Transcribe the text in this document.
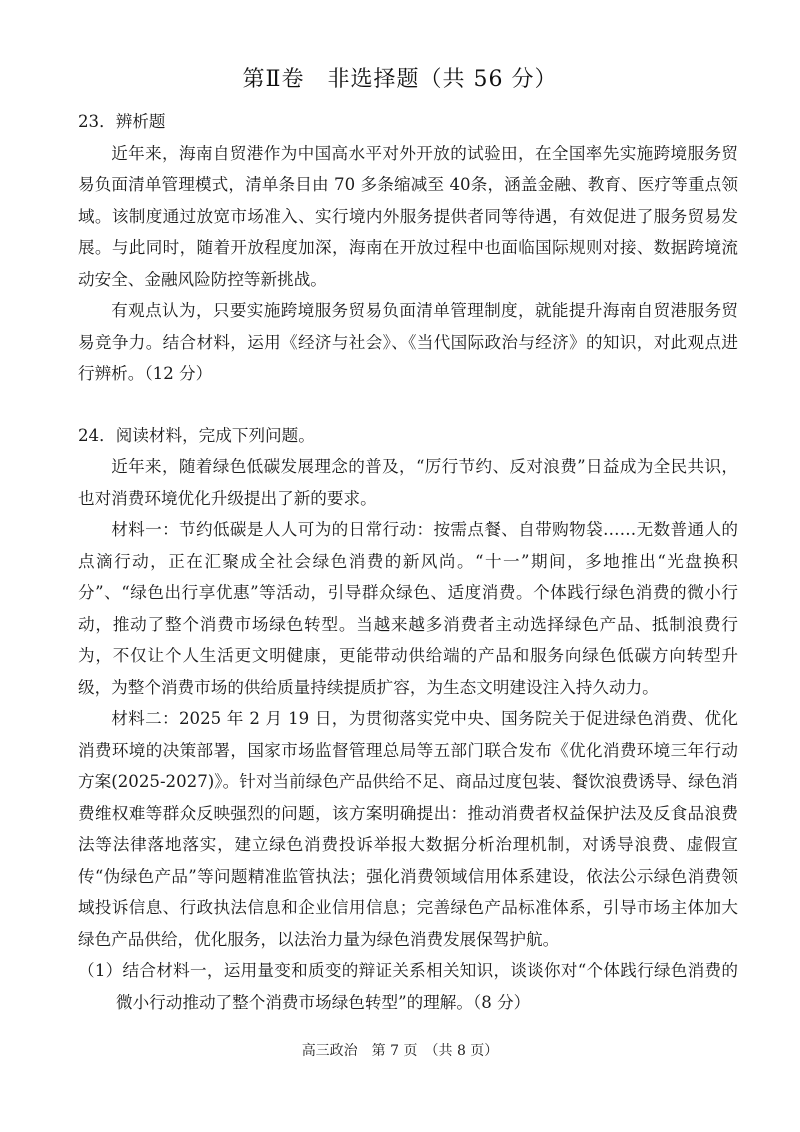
第Ⅱ卷　非选择题（共 56 分）

23．辨析题

近年来，海南自贸港作为中国高水平对外开放的试验田，在全国率先实施跨境服务贸易负面清单管理模式，清单条目由 70 多条缩减至 40条，涵盖金融、教育、医疗等重点领域。该制度通过放宽市场准入、实行境内外服务提供者同等待遇，有效促进了服务贸易发展。与此同时，随着开放程度加深，海南在开放过程中也面临国际规则对接、数据跨境流动安全、金融风险防控等新挑战。

有观点认为，只要实施跨境服务贸易负面清单管理制度，就能提升海南自贸港服务贸易竞争力。结合材料，运用《经济与社会》、《当代国际政治与经济》的知识，对此观点进行辨析。（12 分）

24．阅读材料，完成下列问题。

近年来，随着绿色低碳发展理念的普及，“厉行节约、反对浪费”日益成为全民共识，也对消费环境优化升级提出了新的要求。

材料一：节约低碳是人人可为的日常行动：按需点餐、自带购物袋……无数普通人的点滴行动，正在汇聚成全社会绿色消费的新风尚。“十一”期间，多地推出“光盘换积分”、“绿色出行享优惠”等活动，引导群众绿色、适度消费。个体践行绿色消费的微小行动，推动了整个消费市场绿色转型。当越来越多消费者主动选择绿色产品、抵制浪费行为，不仅让个人生活更文明健康，更能带动供给端的产品和服务向绿色低碳方向转型升级，为整个消费市场的供给质量持续提质扩容，为生态文明建设注入持久动力。

材料二：2025 年 2 月 19 日，为贯彻落实党中央、国务院关于促进绿色消费、优化消费环境的决策部署，国家市场监督管理总局等五部门联合发布《优化消费环境三年行动方案(2025-2027)》。针对当前绿色产品供给不足、商品过度包装、餐饮浪费诱导、绿色消费维权难等群众反映强烈的问题，该方案明确提出：推动消费者权益保护法及反食品浪费法等法律落地落实，建立绿色消费投诉举报大数据分析治理机制，对诱导浪费、虚假宣传“伪绿色产品”等问题精准监管执法；强化消费领域信用体系建设，依法公示绿色消费领域投诉信息、行政执法信息和企业信用信息；完善绿色产品标准体系，引导市场主体加大绿色产品供给，优化服务，以法治力量为绿色消费发展保驾护航。

（1）结合材料一，运用量变和质变的辩证关系相关知识，谈谈你对“个体践行绿色消费的微小行动推动了整个消费市场绿色转型”的理解。（8 分）

高三政治　第 7 页　（共 8 页）
